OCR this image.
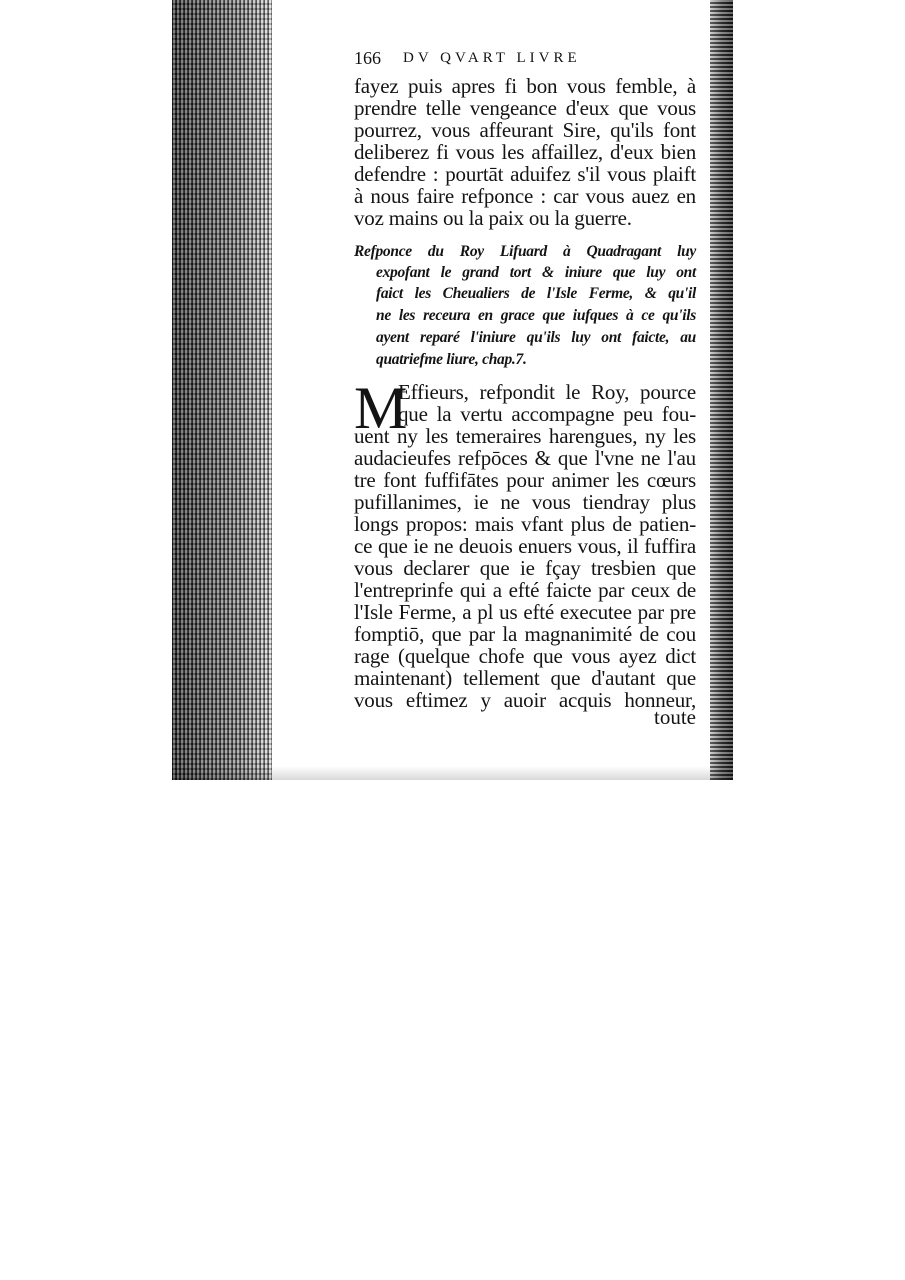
166 DV QVART LIVRE
fayez puis apres fi bon vous femble, à
prendre telle vengeance d'eux que vous
pourrez, vous affeurant Sire, qu'ils font
deliberez fi vous les affaillez, d'eux bien
defendre : pourtāt aduifez s'il vous plaift
à nous faire refponce : car vous auez en
voz mains ou la paix ou la guerre.
Refponce du Roy Lifuard à Quadragant luy
expofant le grand tort & iniure que luy ont
faict les Cheualiers de l'Isle Ferme, & qu'il
ne les receura en grace que iufques à ce qu'ils
ayent reparé l'iniure qu'ils luy ont faicte, au
quatriefme liure, chap.7.
M
Effieurs, refpondit le Roy, pource
que la vertu accompagne peu fou-
uent ny les temeraires harengues, ny les
audacieufes refpōces & que l'vne ne l'au
tre font fuffifātes pour animer les cœurs
pufillanimes, ie ne vous tiendray plus
longs propos: mais vfant plus de patien-
ce que ie ne deuois enuers vous, il fuffira
vous declarer que ie fçay tresbien que
l'entreprinfe qui a efté faicte par ceux de
l'Isle Ferme, a pl us efté executee par pre
fomptiō, que par la magnanimité de cou
rage (quelque chofe que vous ayez dict
maintenant) tellement que d'autant que
vous eftimez y auoir acquis honneur,
toute
